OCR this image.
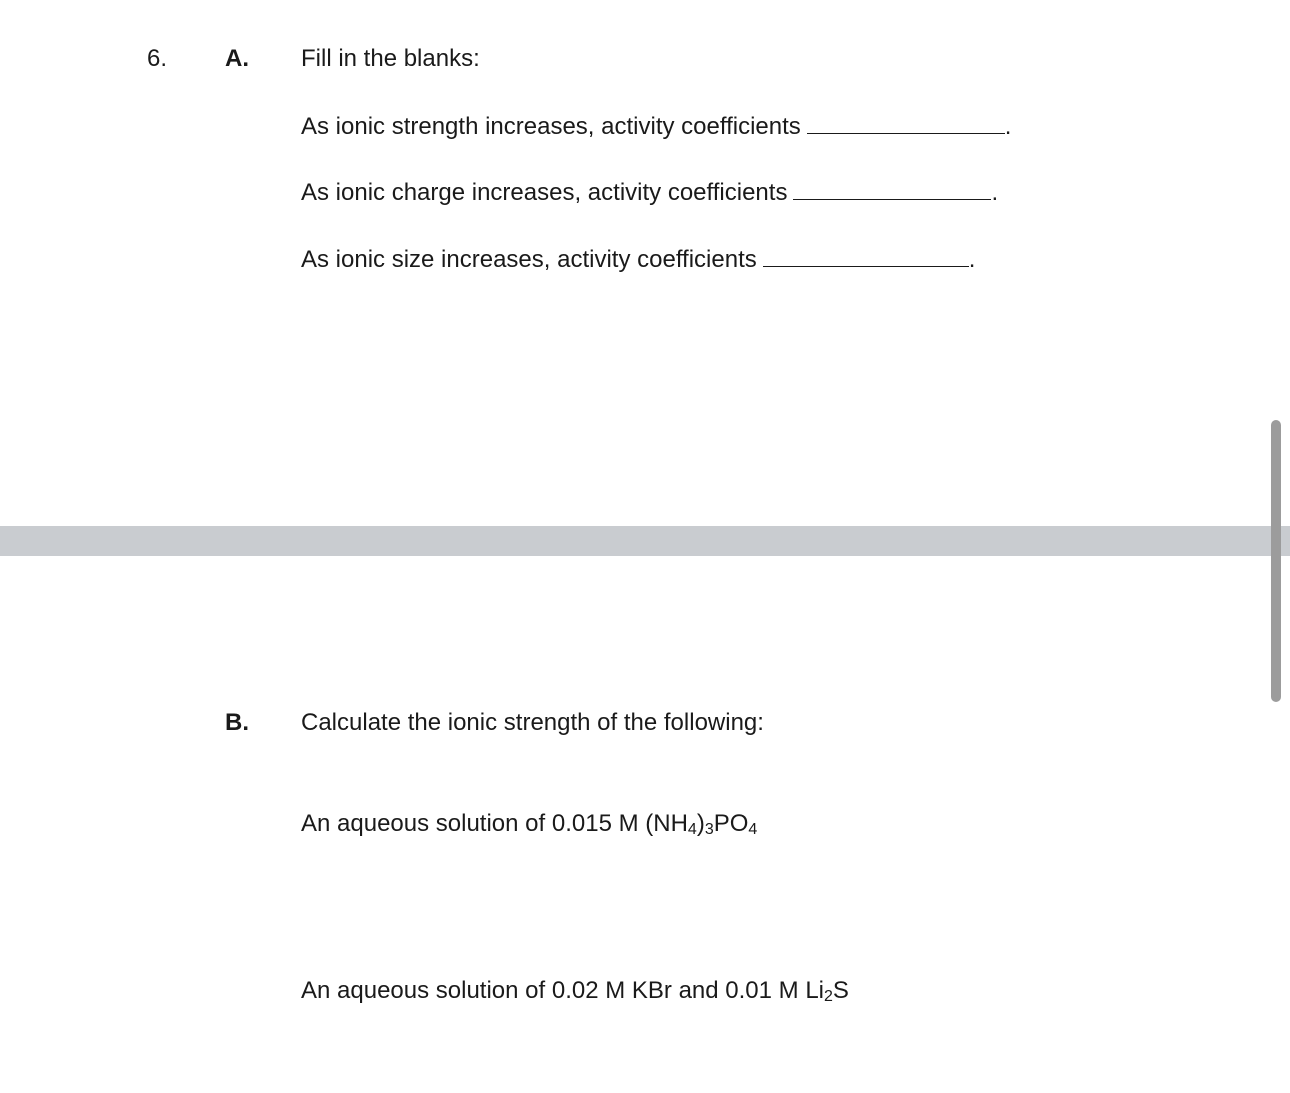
6. A. Fill in the blanks:
As ionic strength increases, activity coefficients	.
As ionic charge increases, activity coefficients	.
As ionic size increases, activity coefficients	.
B. Calculate the ionic strength of the following:
An aqueous solution of 0.015 M $(NH_4)_3PO_4$
An aqueous solution of 0.02 M KBr and 0.01 M $Li_2S$
